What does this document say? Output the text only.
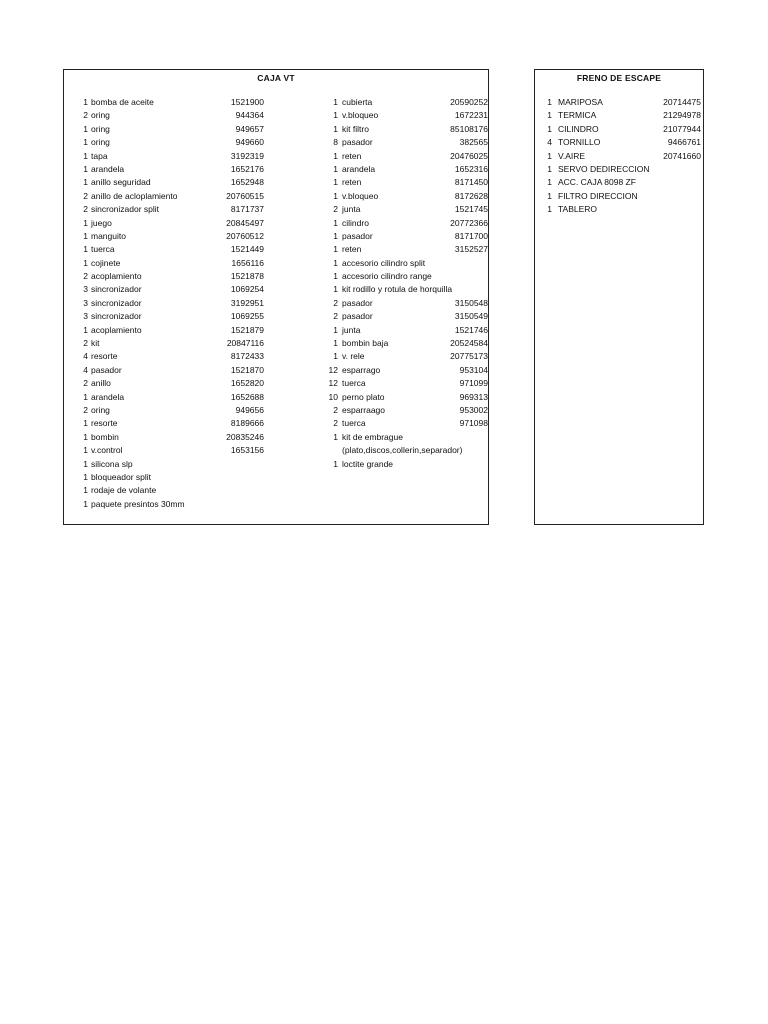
CAJA VT
1 bomba de aceite	1521900
2 oring	944364
1 oring	949657
1 oring	949660
1 tapa	3192319
1 arandela	1652176
1 anillo seguridad	1652948
2 anillo de acloplamiento	20760515
2 sincronizador split	8171737
1 juego	20845497
1 manguito	20760512
1 tuerca	1521449
1 cojinete	1656116
2 acoplamiento	1521878
3 sincronizador	1069254
3 sincronizador	3192951
3 sincronizador	1069255
1 acoplamiento	1521879
2 kit	20847116
4 resorte	8172433
4 pasador	1521870
2 anillo	1652820
1 arandela	1652688
2 oring	949656
1 resorte	8189666
1 bombin	20835246
1 v.control	1653156
1 silicona slp
1 bloqueador split
1 rodaje de volante
1 paquete presintos 30mm
1 cubierta	20590252
1 v.bloqueo	1672231
1 kit filtro	85108176
8 pasador	382565
1 reten	20476025
1 arandela	1652316
1 reten	8171450
1 v.bloqueo	8172628
2 junta	1521745
1 cilindro	20772366
1 pasador	8171700
1 reten	3152527
1 accesorio cilindro split
1 accesorio cilindro range
1 kit rodillo y rotula de horquilla
2 pasador	3150548
2 pasador	3150549
1 junta	1521746
1 bombin baja	20524584
1 v. rele	20775173
12 esparrago	953104
12 tuerca	971099
10 perno plato	969313
2 esparraago	953002
2 tuerca	971098
1 kit de embrague
(plato,discos,collerin,separador)
1 loctite grande
FRENO DE ESCAPE
1 MARIPOSA	20714475
1 TERMICA	21294978
1 CILINDRO	21077944
4 TORNILLO	9466761
1 V.AIRE	20741660
1 SERVO DEDIRECCION
1 ACC. CAJA 8098 ZF
1 FILTRO DIRECCION
1 TABLERO
